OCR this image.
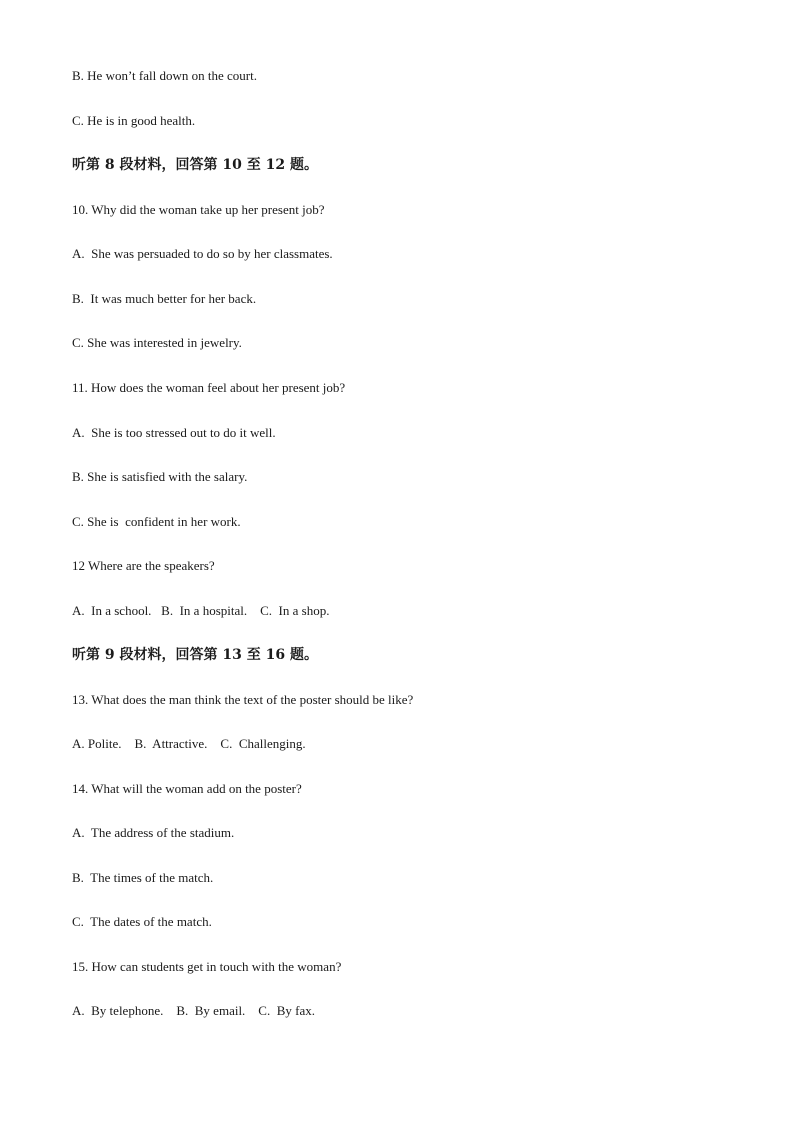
B. He won’t fall down on the court.
C. He is in good health.
听第 8 段材料，回答第 10 至 12 题。
10. Why did the woman take up her present job?
A.  She was persuaded to do so by her classmates.
B.  It was much better for her back.
C. She was interested in jewelry.
11. How does the woman feel about her present job?
A.  She is too stressed out to do it well.
B. She is satisfied with the salary.
C. She is  confident in her work.
12 Where are the speakers?
A.  In a school.   B.  In a hospital.    C.  In a shop.
听第 9 段材料，回答第 13 至 16 题。
13. What does the man think the text of the poster should be like?
A. Polite.    B.  Attractive.    C.  Challenging.
14. What will the woman add on the poster?
A.  The address of the stadium.
B.  The times of the match.
C.  The dates of the match.
15. How can students get in touch with the woman?
A.  By telephone.    B.  By email.    C.  By fax.
